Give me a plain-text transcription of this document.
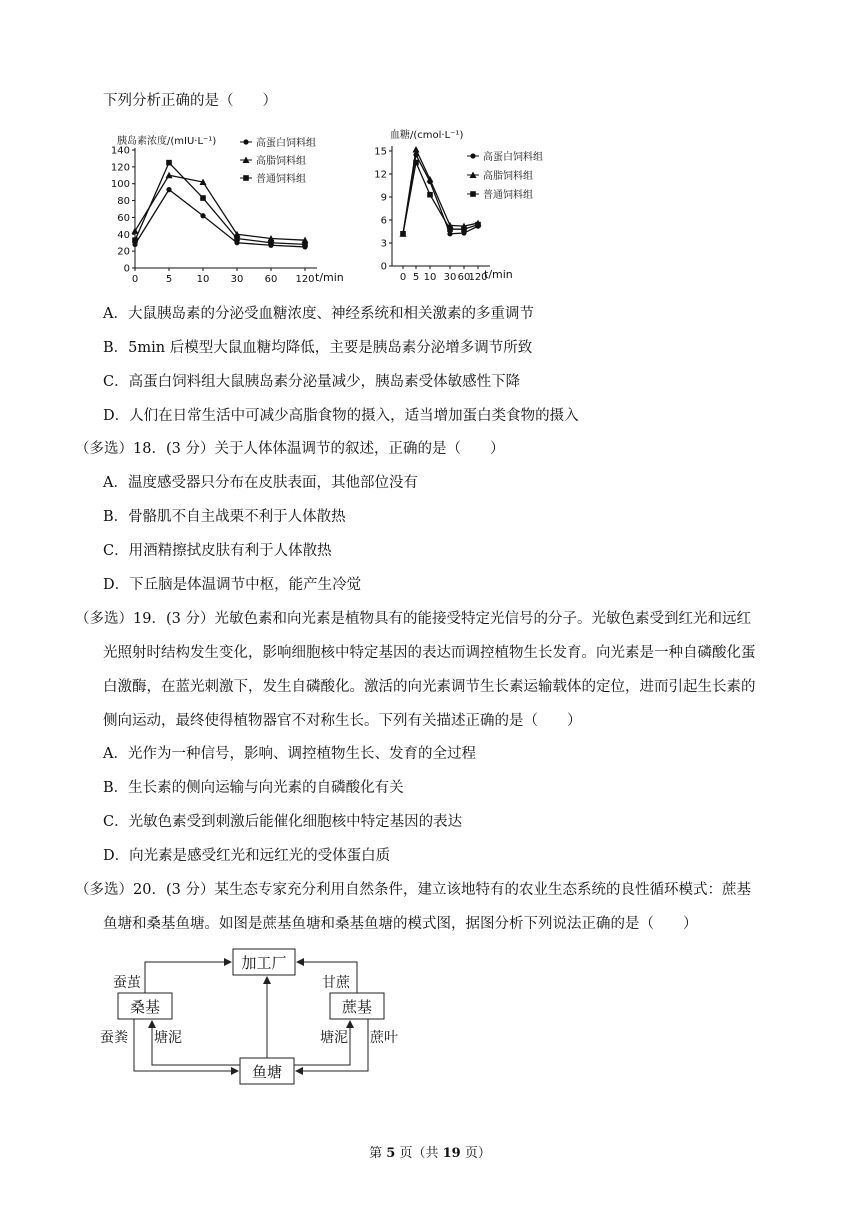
下列分析正确的是（　　）
胰岛素浓度/(mIU·L⁻¹)	高蛋白饲料组
高脂饲料组
普通饲料组
0
20
40
60
80
100
120
140
0	5 10 30 60 120 t/min
血糖/(cmol·L⁻¹)
高蛋白饲料组
高脂饲料组
普通饲料组
0
3
6
9
12
15
0 5 10 30 60
120
t/min
A．大鼠胰岛素的分泌受血糖浓度、神经系统和相关激素的多重调节
B．5min 后模型大鼠血糖均降低，主要是胰岛素分泌增多调节所致
C．高蛋白饲料组大鼠胰岛素分泌量减少，胰岛素受体敏感性下降
D．人们在日常生活中可减少高脂食物的摄入，适当增加蛋白类食物的摄入
（多选）18．(3 分）关于人体体温调节的叙述，正确的是（　　）
A．温度感受器只分布在皮肤表面，其他部位没有
B．骨骼肌不自主战栗不利于人体散热
C．用酒精擦拭皮肤有利于人体散热
D．下丘脑是体温调节中枢，能产生冷觉
（多选）19．(3 分）光敏色素和向光素是植物具有的能接受特定光信号的分子。光敏色素受到红光和远红
光照射时结构发生变化，影响细胞核中特定基因的表达而调控植物生长发育。向光素是一种自磷酸化蛋
白激酶，在蓝光刺激下，发生自磷酸化。激活的向光素调节生长素运输载体的定位，进而引起生长素的
侧向运动，最终使得植物器官不对称生长。下列有关描述正确的是（　　）
A．光作为一种信号，影响、调控植物生长、发育的全过程
B．生长素的侧向运输与向光素的自磷酸化有关
C．光敏色素受到刺激后能催化细胞核中特定基因的表达
D．向光素是感受红光和远红光的受体蛋白质
（多选）20．(3 分）某生态专家充分利用自然条件，建立该地特有的农业生态系统的良性循环模式：蔗基
鱼塘和桑基鱼塘。如图是蔗基鱼塘和桑基鱼塘的模式图，据图分析下列说法正确的是（　　）
加工厂
桑基	蔗基
鱼塘
蚕茧	甘蔗
蚕粪 塘泥	塘泥 蔗叶
第 5 页（共 19 页）
